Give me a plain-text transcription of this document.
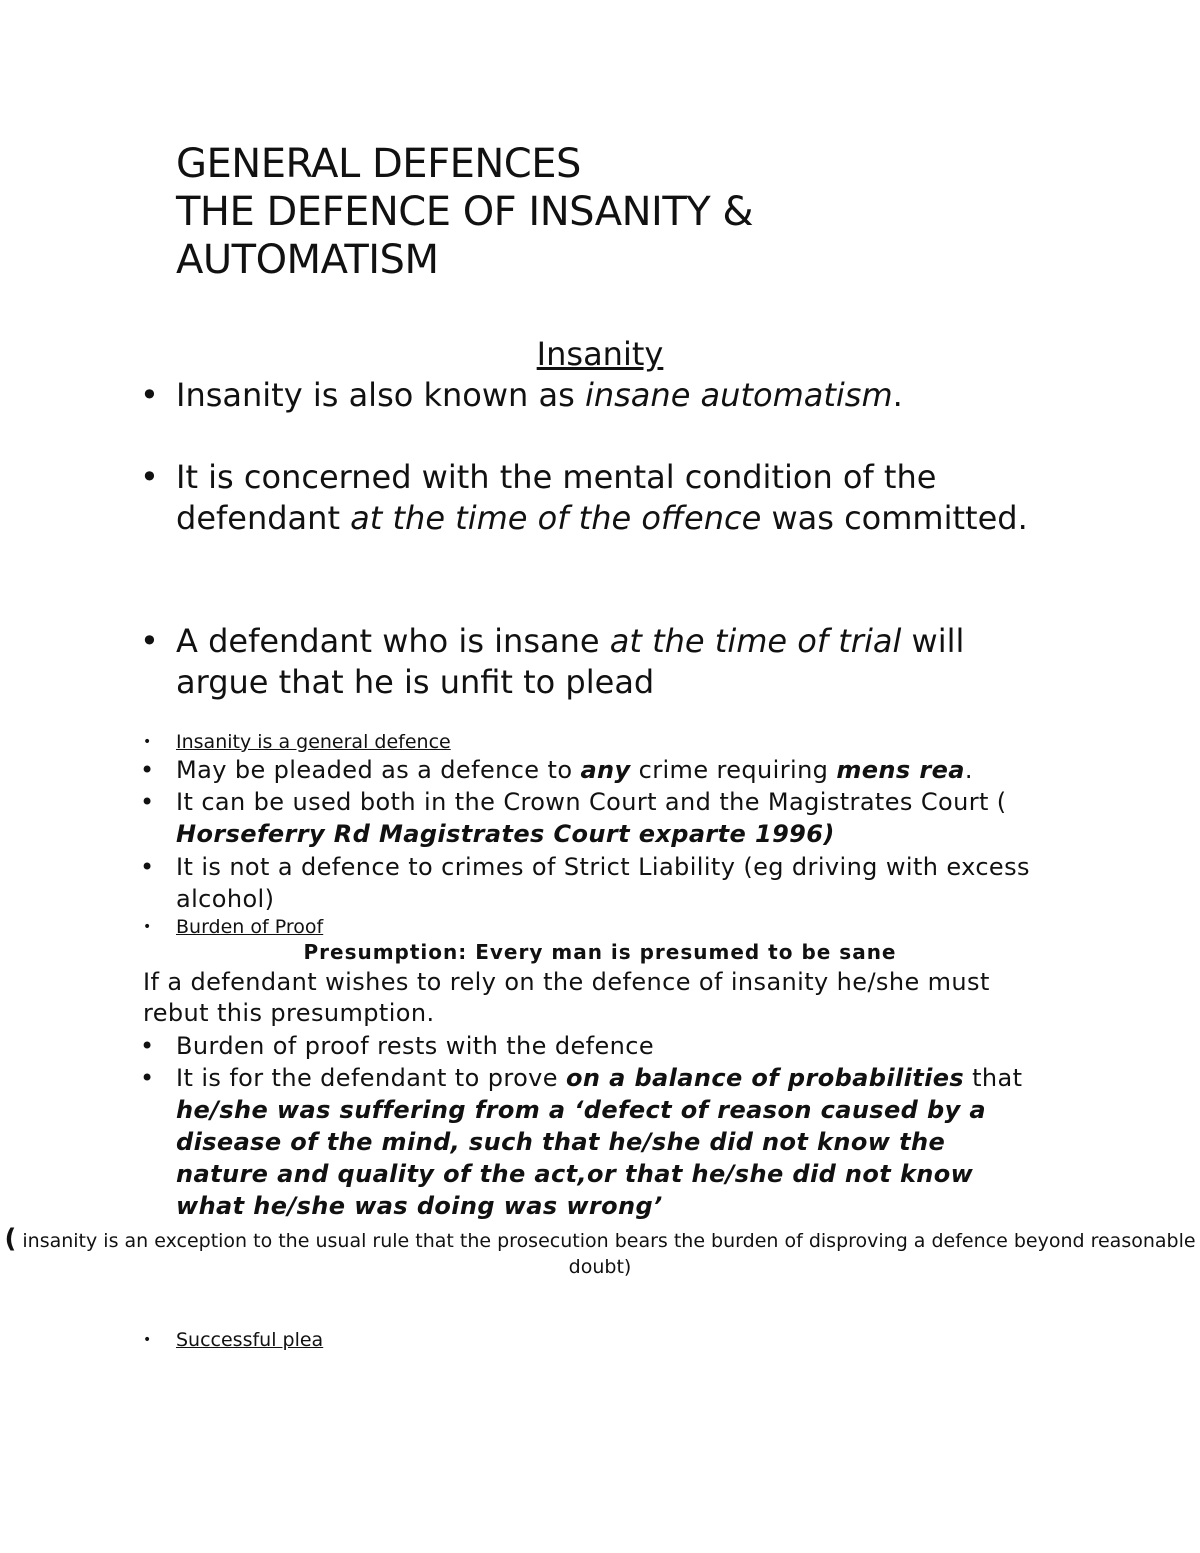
GENERAL DEFENCES
THE DEFENCE OF INSANITY &
AUTOMATISM
Insanity
• Insanity is also known as insane automatism.
• It is concerned with the mental condition of the defendant at the time of the offence was committed.
• A defendant who is insane at the time of trial will argue that he is unfit to plead
• Insanity is a general defence
• May be pleaded as a defence to any crime requiring mens rea.
• It can be used both in the Crown Court and the Magistrates Court ( Horseferry Rd Magistrates Court exparte 1996)
• It is not a defence to crimes of Strict Liability (eg driving with excess alcohol)
• Burden of Proof
Presumption: Every man is presumed to be sane
If a defendant wishes to rely on the defence of insanity he/she must rebut this presumption.
• Burden of proof rests with the defence
• It is for the defendant to prove on a balance of probabilities that he/she was suffering from a ‘defect of reason caused by a disease of the mind, such that he/she did not know the nature and quality of the act,or that he/she did not know what he/she was doing was wrong’
( insanity is an exception to the usual rule that the prosecution bears the burden of disproving a defence beyond reasonable doubt)
• Successful plea
